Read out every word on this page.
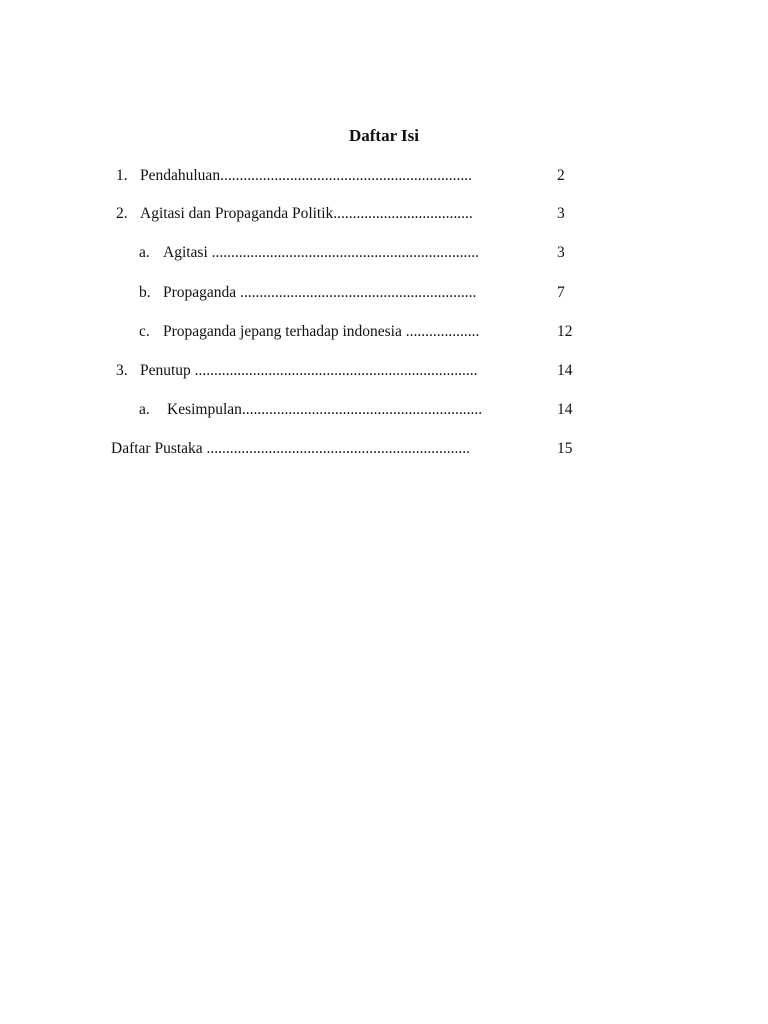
Daftar Isi
1. Pendahuluan.................................................................	2
2. Agitasi dan Propaganda Politik....................................	3
a. Agitasi .....................................................................	3
b. Propaganda .............................................................	7
c. Propaganda jepang terhadap indonesia ...................	12
3. Penutup .........................................................................	14
a. Kesimpulan..............................................................	14
Daftar Pustaka ....................................................................	15
